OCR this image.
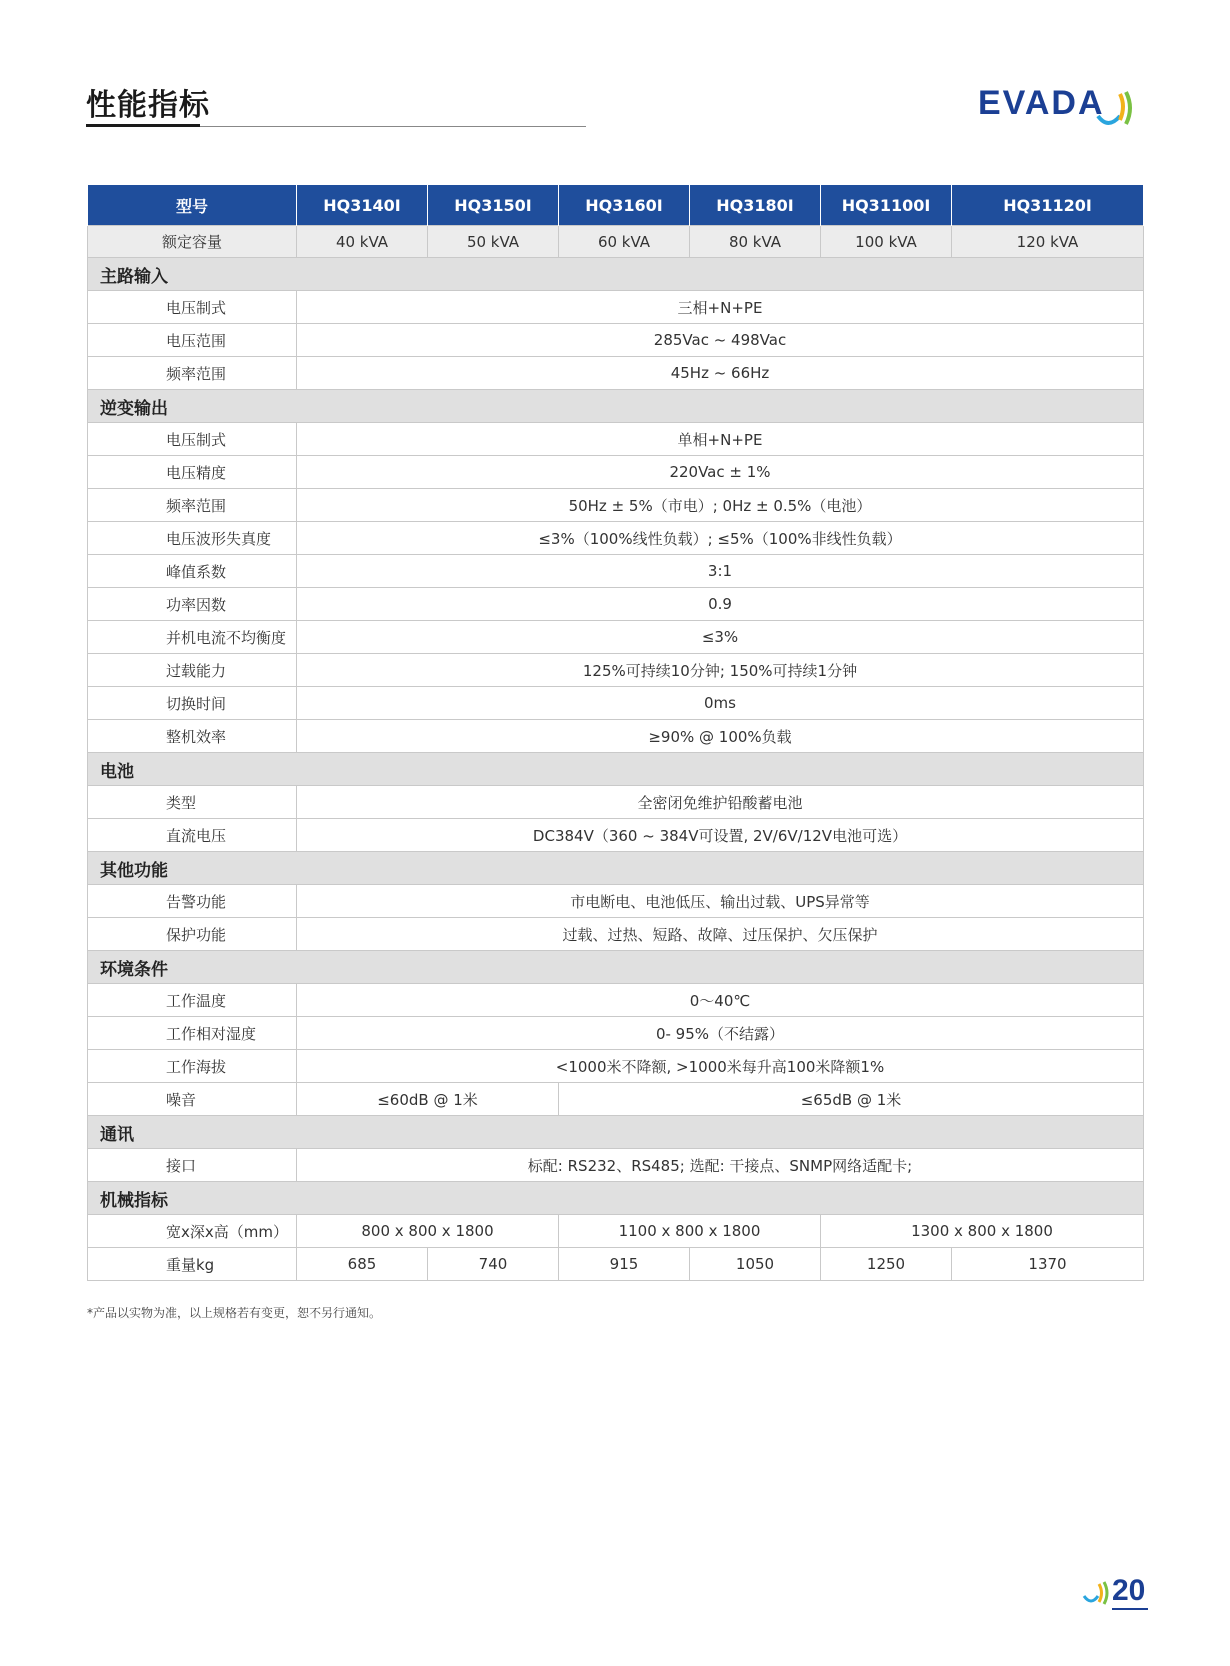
性能指标	EVADA
型号	HQ3140I	HQ3150I	HQ3160I	HQ3180I	HQ31100I	HQ31120I
额定容量	40 kVA	50 kVA	60 kVA	80 kVA	100 kVA	120 kVA
主路输入						
电压制式	三相+N+PE					
电压范围	285Vac ~ 498Vac					
频率范围	45Hz ~ 66Hz					
逆变输出						
电压制式	单相+N+PE					
电压精度	220Vac ± 1%					
频率范围	50Hz ± 5%（市电）; 0Hz ± 0.5%（电池）					
电压波形失真度	≤3%（100%线性负载）; ≤5%（100%非线性负载）					
峰值系数	3:1					
功率因数	0.9					
并机电流不均衡度	≤3%					
过载能力	125%可持续10分钟; 150%可持续1分钟					
切换时间	0ms					
整机效率	≥90% @ 100%负载					
电池						
类型	全密闭免维护铅酸蓄电池					
直流电压	DC384V（360 ~ 384V可设置, 2V/6V/12V电池可选）					
其他功能						
告警功能	市电断电、电池低压、输出过载、UPS异常等					
保护功能	过载、过热、短路、故障、过压保护、欠压保护					
环境条件						
工作温度	0～40℃					
工作相对湿度	0- 95%（不结露）					
工作海拔	<1000米不降额, >1000米每升高100米降额1%					
噪音	≤60dB @ 1米		≤65dB @ 1米			
通讯						
接口	标配: RS232、RS485; 选配: 干接点、SNMP网络适配卡;					
机械指标						
宽x深x高（mm）	800 x 800 x 1800		1100 x 800 x 1800		1300 x 800 x 1800	
重量kg	685	740	915	1050	1250	1370
*产品以实物为准，以上规格若有变更，恕不另行通知。
20
